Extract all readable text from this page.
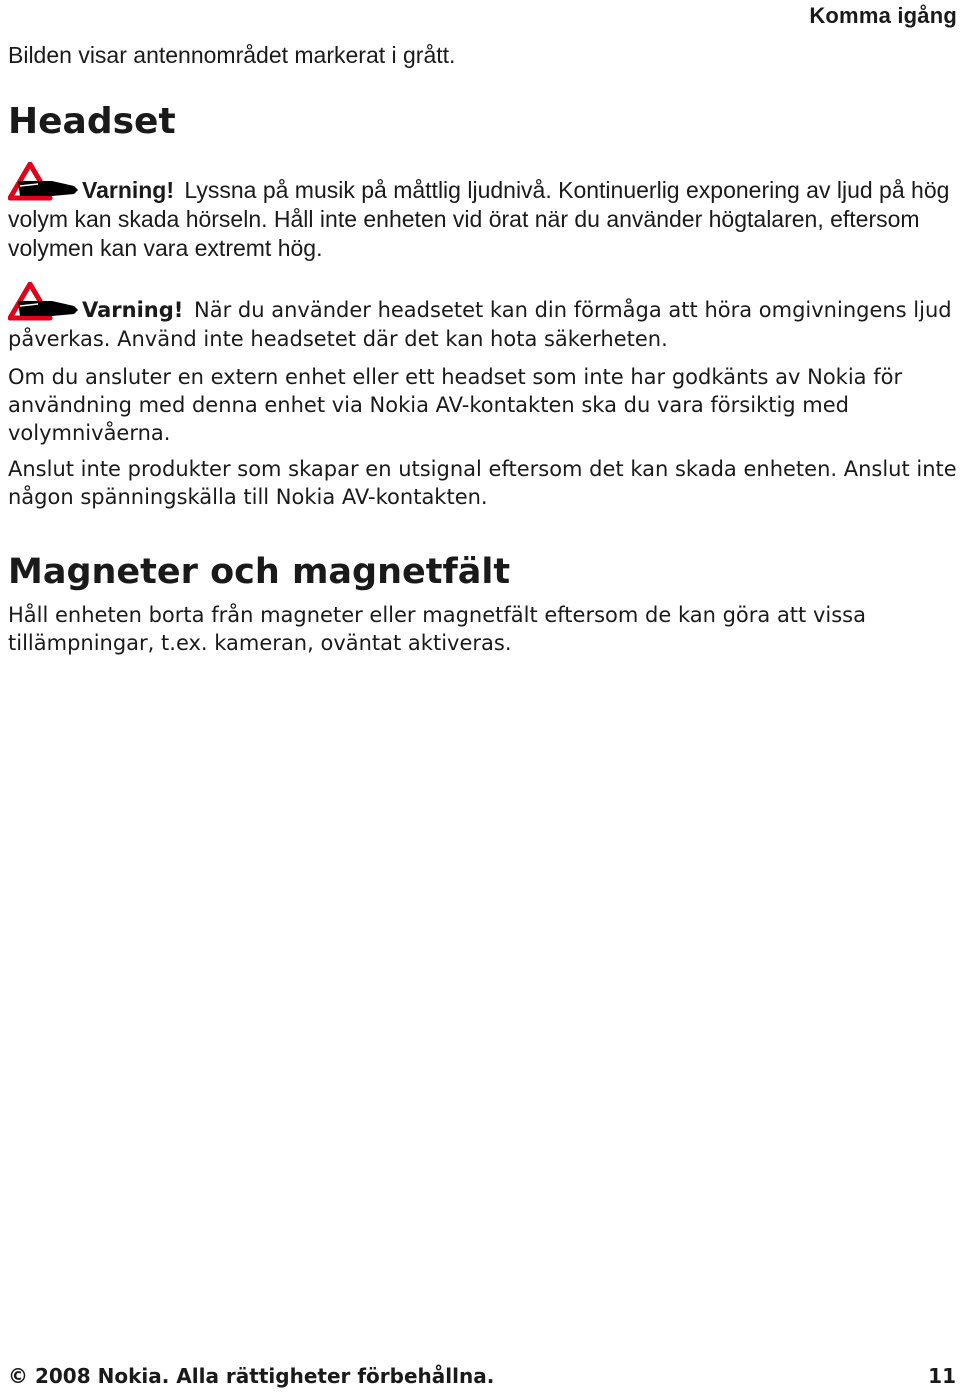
Komma igång
Bilden visar antennområdet markerat i grått.
Headset
Varning! Lyssna på musik på måttlig ljudnivå. Kontinuerlig exponering av ljud på hög volym kan skada hörseln. Håll inte enheten vid örat när du använder högtalaren, eftersom volymen kan vara extremt hög.
Varning! När du använder headsetet kan din förmåga att höra omgivningens ljud påverkas. Använd inte headsetet där det kan hota säkerheten.

Om du ansluter en extern enhet eller ett headset som inte har godkänts av Nokia för användning med denna enhet via Nokia AV-kontakten ska du vara försiktig med volymnivåerna.

Anslut inte produkter som skapar en utsignal eftersom det kan skada enheten. Anslut inte någon spänningskälla till Nokia AV-kontakten.

Magneter och magnetfält

Håll enheten borta från magneter eller magnetfält eftersom de kan göra att vissa tillämpningar, t.ex. kameran, oväntat aktiveras.

© 2008 Nokia. Alla rättigheter förbehållna.	11
